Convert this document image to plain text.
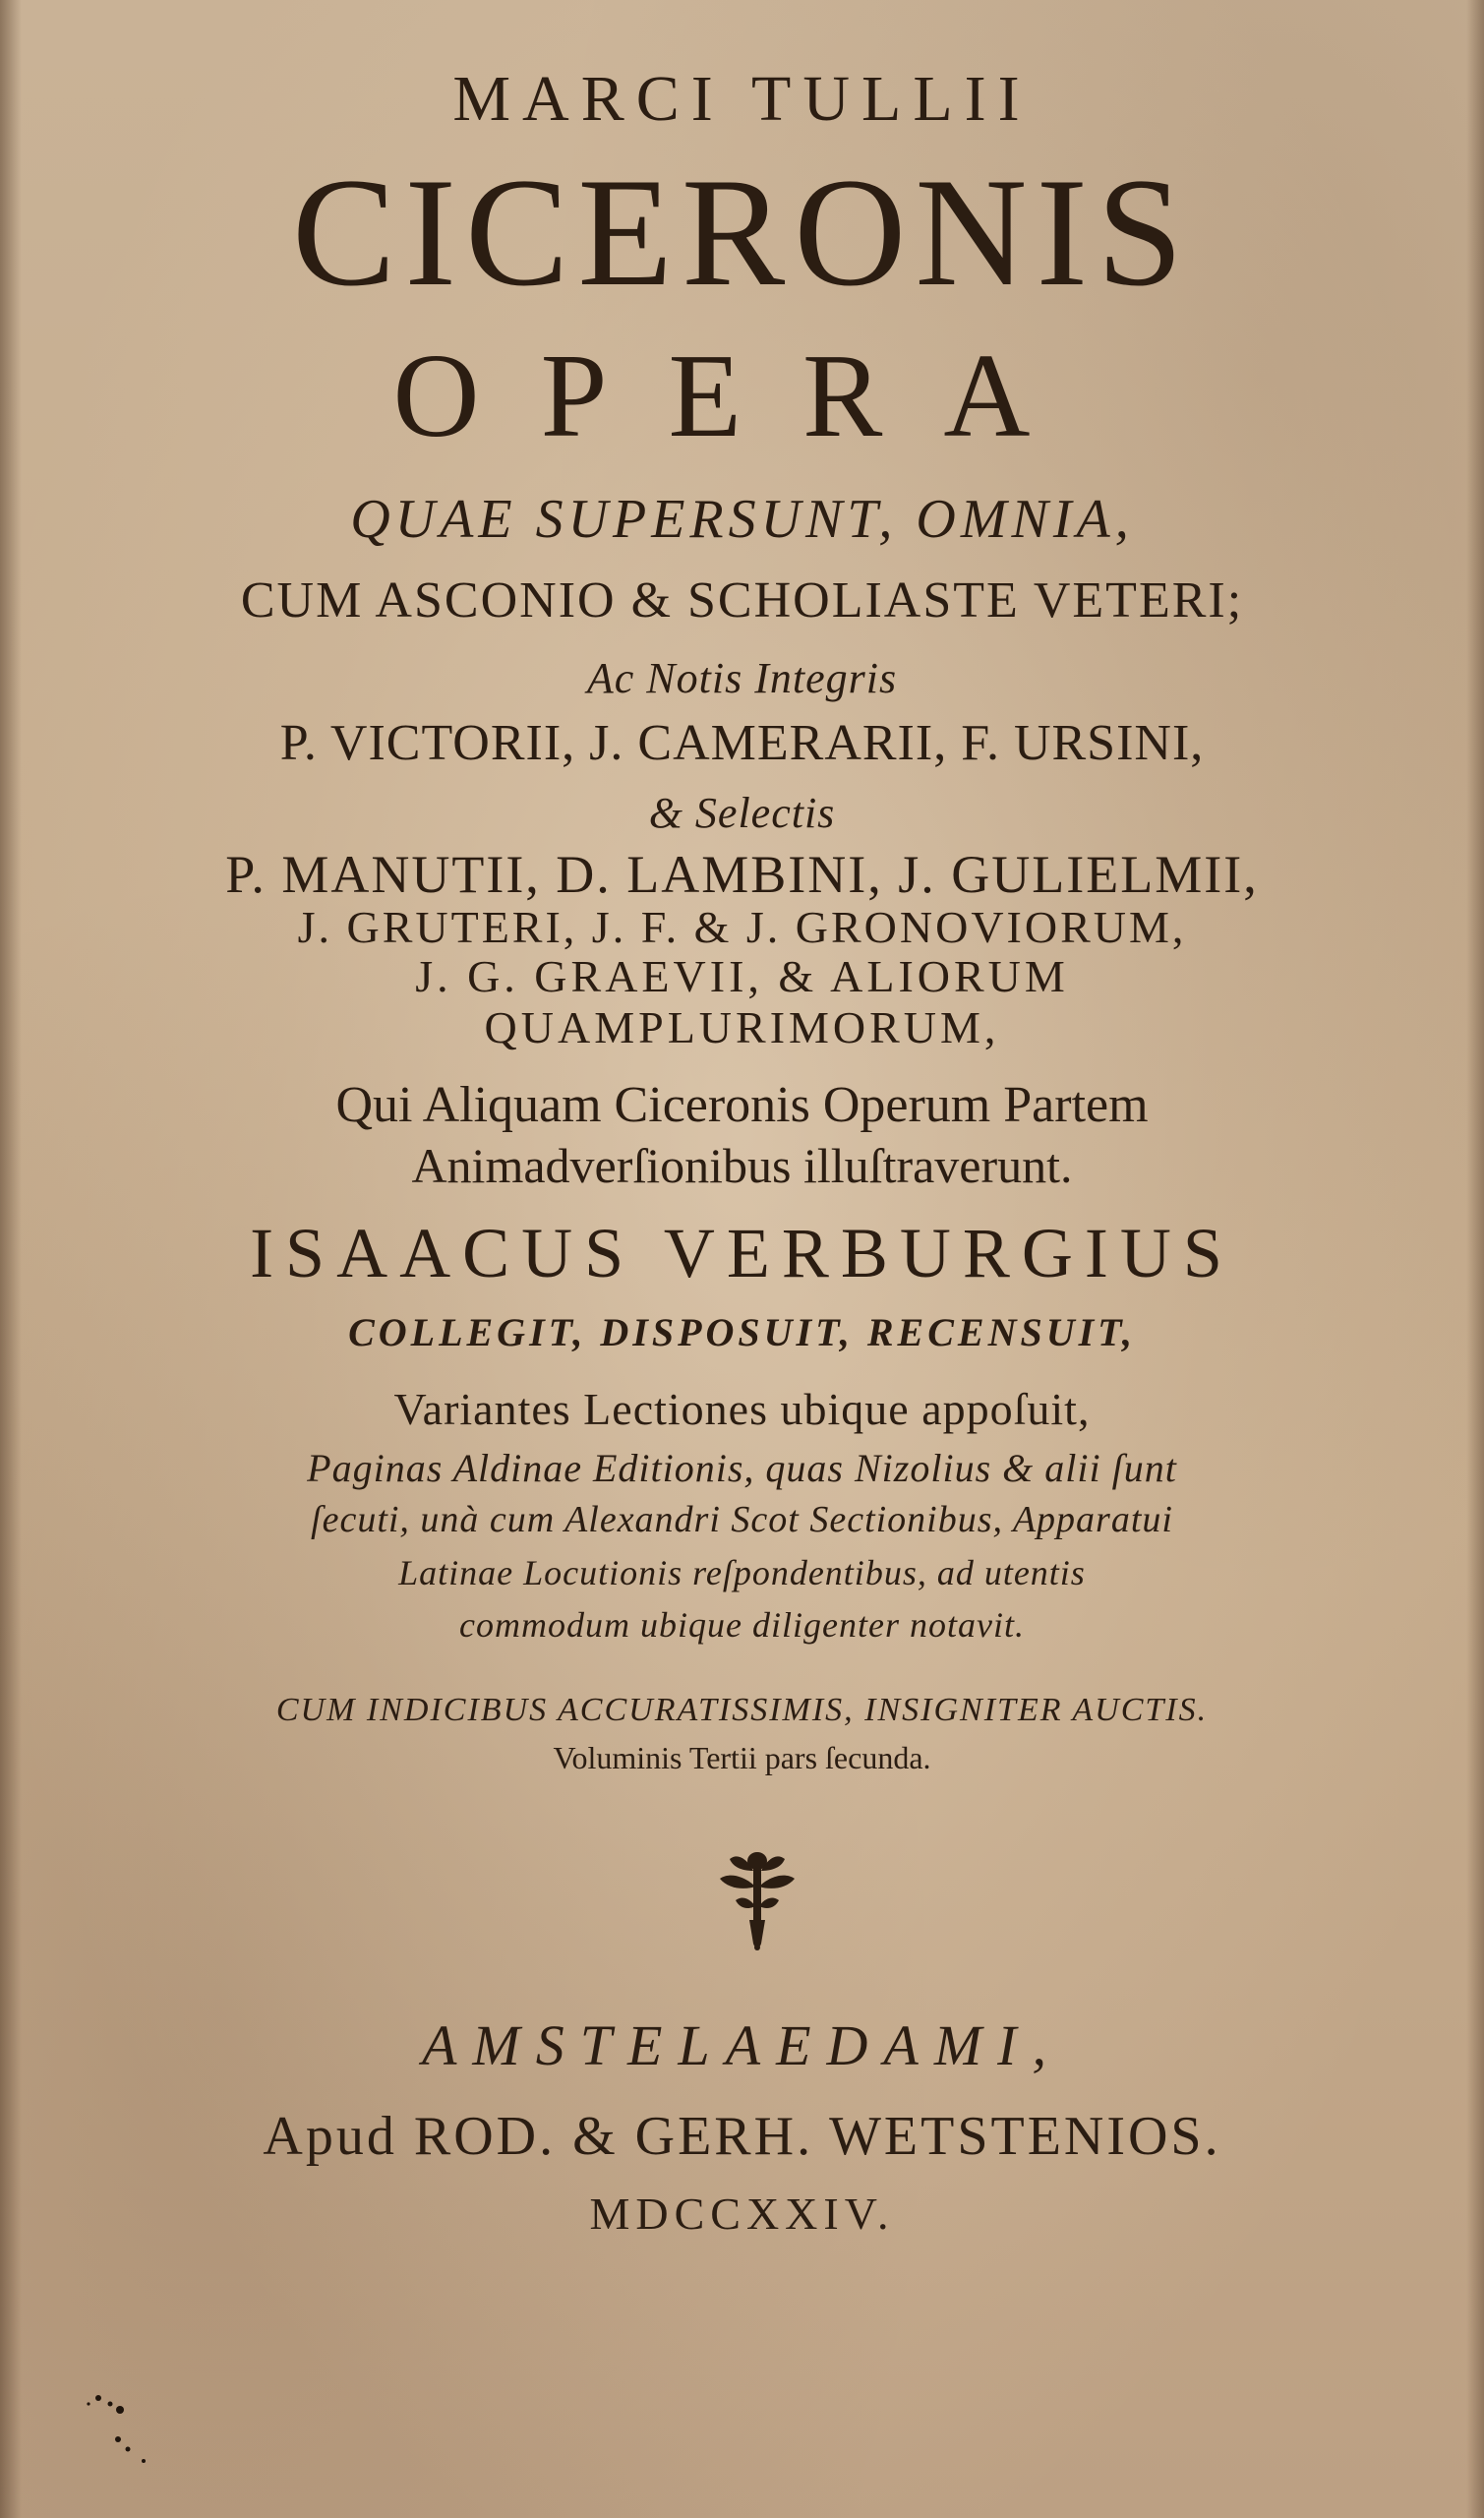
MARCI TULLII
CICERONIS
OPERA
QUAE SUPERSUNT, OMNIA,
CUM ASCONIO & SCHOLIASTE VETERI;
Ac Notis Integris
P. VICTORII, J. CAMERARII, F. URSINI,
& Selectis
P. MANUTII, D. LAMBINI, J. GULIELMII,
J. GRUTERI, J. F. & J. GRONOVIORUM,
J. G. GRAEVII, & ALIORUM
QUAMPLURIMORUM,
Qui Aliquam Ciceronis Operum Partem
Animadverſionibus illuſtraverunt.
ISAACUS VERBURGIUS
COLLEGIT, DISPOSUIT, RECENSUIT,
Variantes Lectiones ubique appoſuit,
Paginas Aldinae Editionis, quas Nizolius & alii ſunt
ſecuti, unà cum Alexandri Scot Sectionibus, Apparatui
Latinae Locutionis reſpondentibus, ad utentis
commodum ubique diligenter notavit.
CUM INDICIBUS ACCURATISSIMIS, INSIGNITER AUCTIS.
Voluminis Tertii pars ſecunda.
AMSTELAEDAMI,
Apud ROD. & GERH. WETSTENIOS.
MDCCXXIV.
